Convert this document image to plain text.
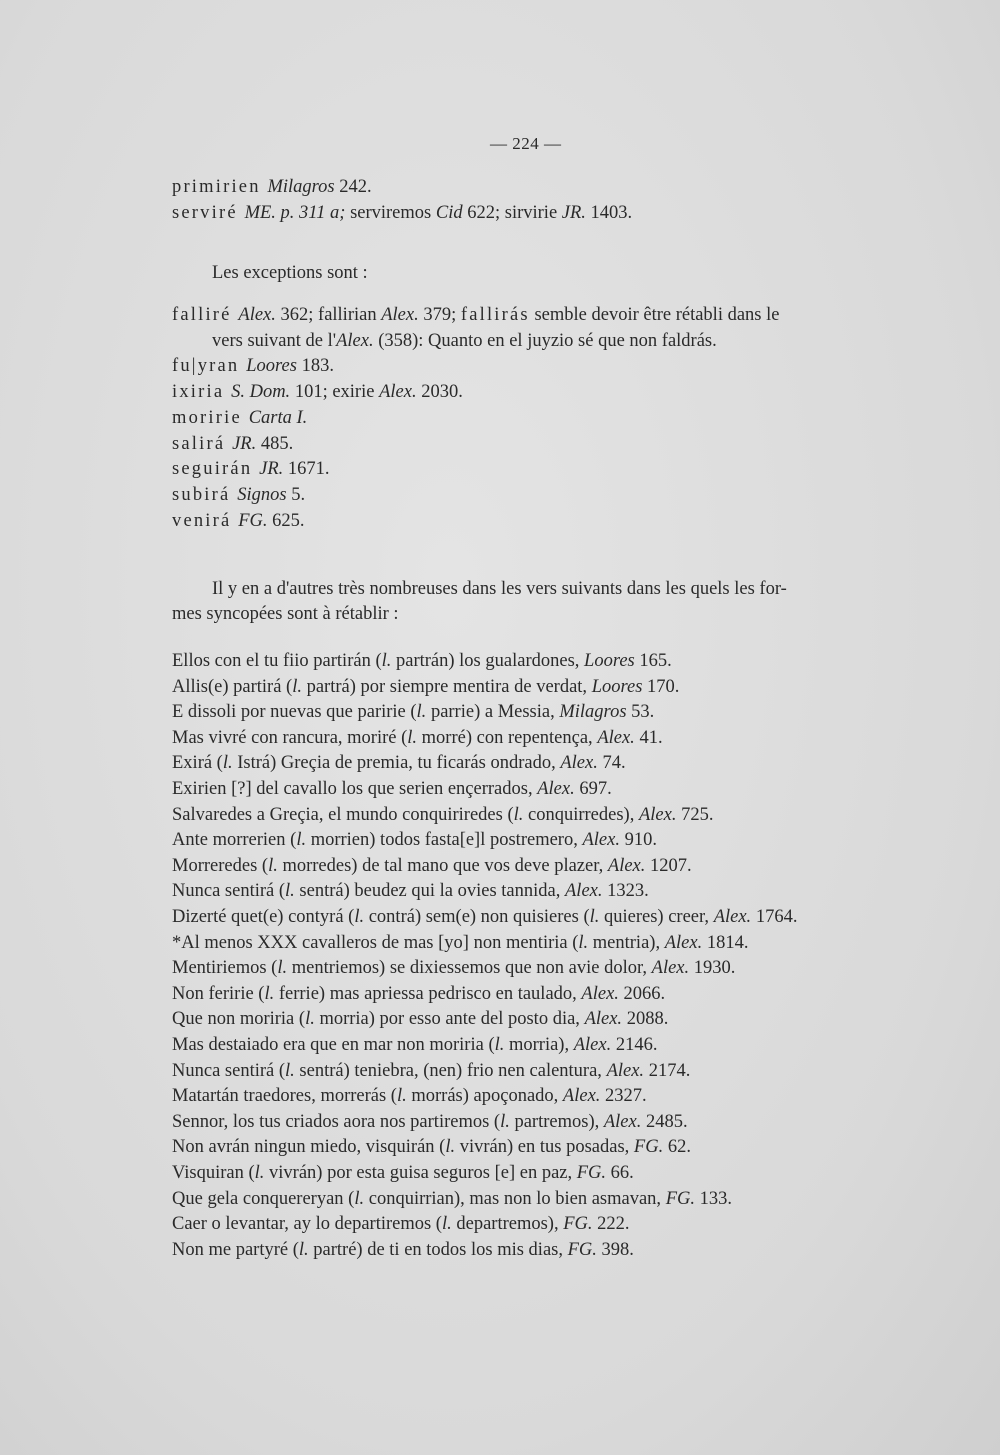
— 224 —
primirien Milagros 242.
serviré ME. p. 311 a; serviremos Cid 622; sirvirie JR. 1403.
Les exceptions sont :
falliré Alex. 362; fallirian Alex. 379; fallirás semble devoir être rétabli dans le
vers suivant de l'Alex. (358): Quanto en el juyzio sé que non faldrás.
fu|yran Loores 183.
ixiria S. Dom. 101; exirie Alex. 2030.
moririe Carta I.
salirá JR. 485.
seguirán JR. 1671.
subirá Signos 5.
venirá FG. 625.
Il y en a d'autres très nombreuses dans les vers suivants dans les quels les for-
mes syncopées sont à rétablir :
Ellos con el tu fiio partirán (l. partrán) los gualardones, Loores 165.
Allis(e) partirá (l. partrá) por siempre mentira de verdat, Loores 170.
E dissoli por nuevas que paririe (l. parrie) a Messia, Milagros 53.
Mas vivré con rancura, moriré (l. morré) con repentença, Alex. 41.
Exirá (l. Istrá) Greçia de premia, tu ficarás ondrado, Alex. 74.
Exirien [?] del cavallo los que serien ençerrados, Alex. 697.
Salvaredes a Greçia, el mundo conquiriredes (l. conquirredes), Alex. 725.
Ante morrerien (l. morrien) todos fasta[e]l postremero, Alex. 910.
Morreredes (l. morredes) de tal mano que vos deve plazer, Alex. 1207.
Nunca sentirá (l. sentrá) beudez qui la ovies tannida, Alex. 1323.
Dizerté quet(e) contyrá (l. contrá) sem(e) non quisieres (l. quieres) creer, Alex. 1764.
*Al menos XXX cavalleros de mas [yo] non mentiria (l. mentria), Alex. 1814.
Mentiriemos (l. mentriemos) se dixiessemos que non avie dolor, Alex. 1930.
Non feririe (l. ferrie) mas apriessa pedrisco en taulado, Alex. 2066.
Que non moriria (l. morria) por esso ante del posto dia, Alex. 2088.
Mas destaiado era que en mar non moriria (l. morria), Alex. 2146.
Nunca sentirá (l. sentrá) teniebra, (nen) frio nen calentura, Alex. 2174.
Matartán traedores, morrerás (l. morrás) apoçonado, Alex. 2327.
Sennor, los tus criados aora nos partiremos (l. partremos), Alex. 2485.
Non avrán ningun miedo, visquirán (l. vivrán) en tus posadas, FG. 62.
Visquiran (l. vivrán) por esta guisa seguros [e] en paz, FG. 66.
Que gela conquereryan (l. conquirrian), mas non lo bien asmavan, FG. 133.
Caer o levantar, ay lo departiremos (l. departremos), FG. 222.
Non me partyré (l. partré) de ti en todos los mis dias, FG. 398.
